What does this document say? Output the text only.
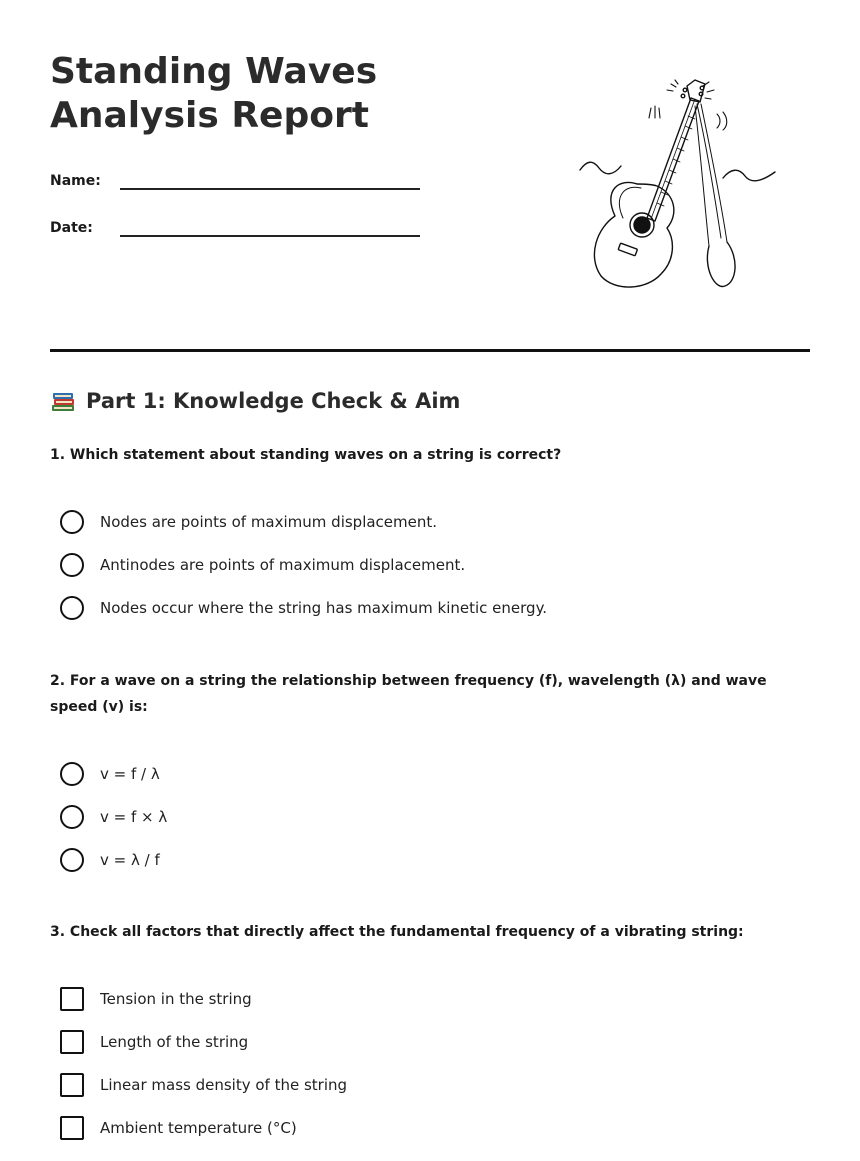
Standing Waves
Analysis Report
Name:
Date:
Part 1: Knowledge Check & Aim
1. Which statement about standing waves on a string is correct?
Nodes are points of maximum displacement.
Antinodes are points of maximum displacement.
Nodes occur where the string has maximum kinetic energy.
2. For a wave on a string the relationship between frequency (f), wavelength (λ) and wave speed (v) is:
v = f / λ
v = f × λ
v = λ / f
3. Check all factors that directly affect the fundamental frequency of a vibrating string:
Tension in the string
Length of the string
Linear mass density of the string
Ambient temperature (°C)
